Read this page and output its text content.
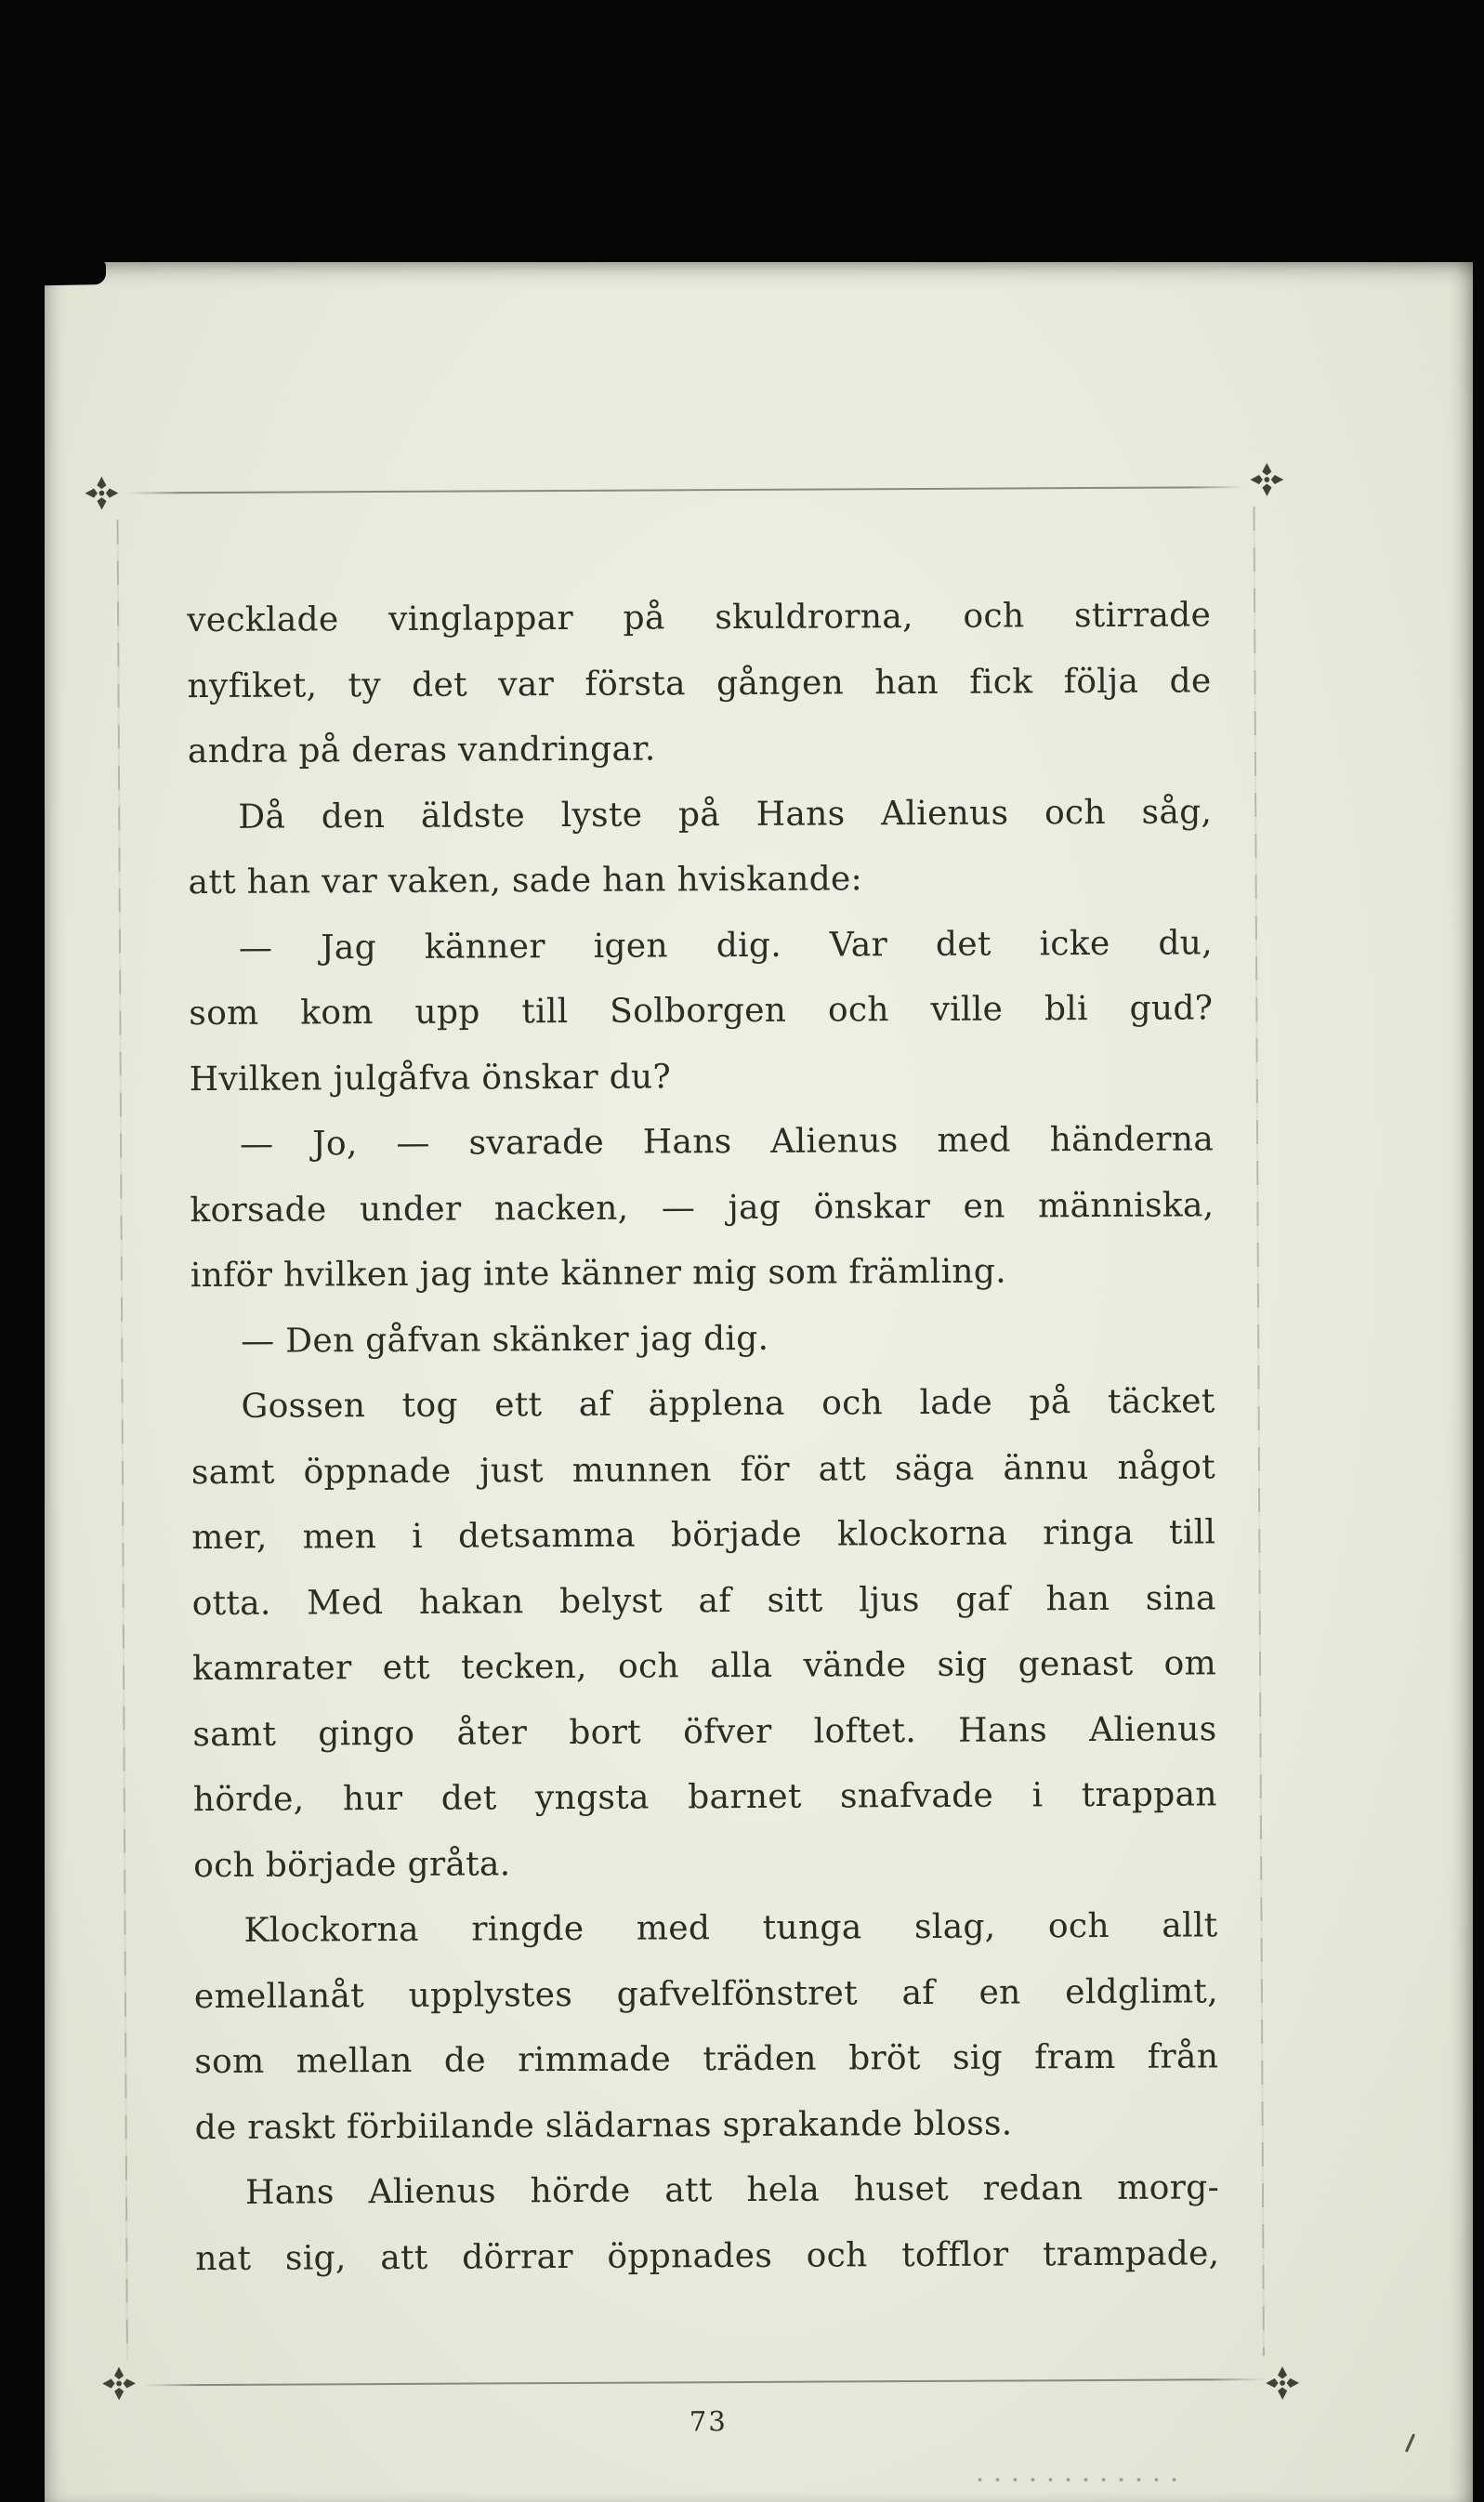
vecklade vinglappar på skuldrorna, och stirrade
nyfiket, ty det var första gången han fick följa de
andra på deras vandringar.
Då den äldste lyste på Hans Alienus och såg,
att han var vaken, sade han hviskande:
— Jag känner igen dig. Var det icke du,
som kom upp till Solborgen och ville bli gud?
Hvilken julgåfva önskar du?
— Jo, — svarade Hans Alienus med händerna
korsade under nacken, — jag önskar en människa,
inför hvilken jag inte känner mig som främling.
— Den gåfvan skänker jag dig.
Gossen tog ett af äpplena och lade på täcket
samt öppnade just munnen för att säga ännu något
mer, men i detsamma började klockorna ringa till
otta. Med hakan belyst af sitt ljus gaf han sina
kamrater ett tecken, och alla vände sig genast om
samt gingo åter bort öfver loftet. Hans Alienus
hörde, hur det yngsta barnet snafvade i trappan
och började gråta.
Klockorna ringde med tunga slag, och allt
emellanåt upplystes gafvelfönstret af en eldglimt,
som mellan de rimmade träden bröt sig fram från
de raskt förbiilande slädarnas sprakande bloss.
Hans Alienus hörde att hela huset redan morg-
nat sig, att dörrar öppnades och tofflor trampade,
73
